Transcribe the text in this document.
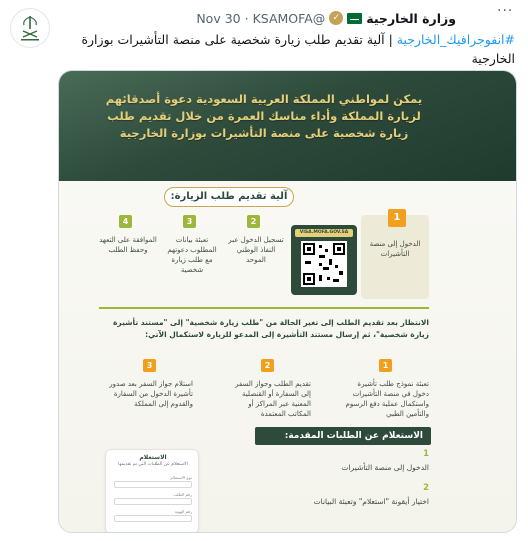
وزارة الخارجية
✓
@KSAMOFA
·
30 Nov	···
#انفوجرافيك_الخارجية | آلية تقديم طلب زيارة شخصية على منصة التأشيرات بوزارة الخارجية
يمكن لمواطني المملكة العربية السعودية دعوة أصدقائهم لزيارة المملكة وأداء مناسك العمرة من خلال تقديم طلب زيارة شخصية على منصة التأشيرات بوزارة الخارجية
آلية تقديم طلب الزيارة:
1
الدخول إلى منصة التأشيرات
VISA.MOFA.GOV.SA
2
تسجيل الدخول عبر النفاذ الوطني الموحد
3
تعبئة بيانات المطلوب دعوتهم مع طلب زيارة شخصية
4
الموافقة على التعهد وحفظ الطلب
الانتظار بعد تقديم الطلب إلى تغير الحالة من "طلب زيارة شخصية" إلى "مستند تأشيرة زيارة شخصية"، ثم إرسال مستند التأشيرة إلى المدعو للزيارة لاستكمال الآتي:
1
تعبئة نموذج طلب تأشيرة دخول في منصة التأشيرات واستكمال عملية دفع الرسوم والتأمين الطبي
2
تقديم الطلب وجواز السفر إلى السفارة أو القنصلية المعنية عبر المراكز أو المكاتب المعتمدة
3
استلام جواز السفر بعد صدور تأشيرة الدخول من السفارة والقدوم إلى المملكة
الاستعلام عن الطلبات المقدمة:
الاستعلام
الاستعلام عن الطلبات التي تم تقديمها
نوع الاستعلام
رقم الطلب
رقم الهوية
1
الدخول إلى منصة التأشيرات
2
اختيار أيقونة "استعلام" وتعبئة البيانات
